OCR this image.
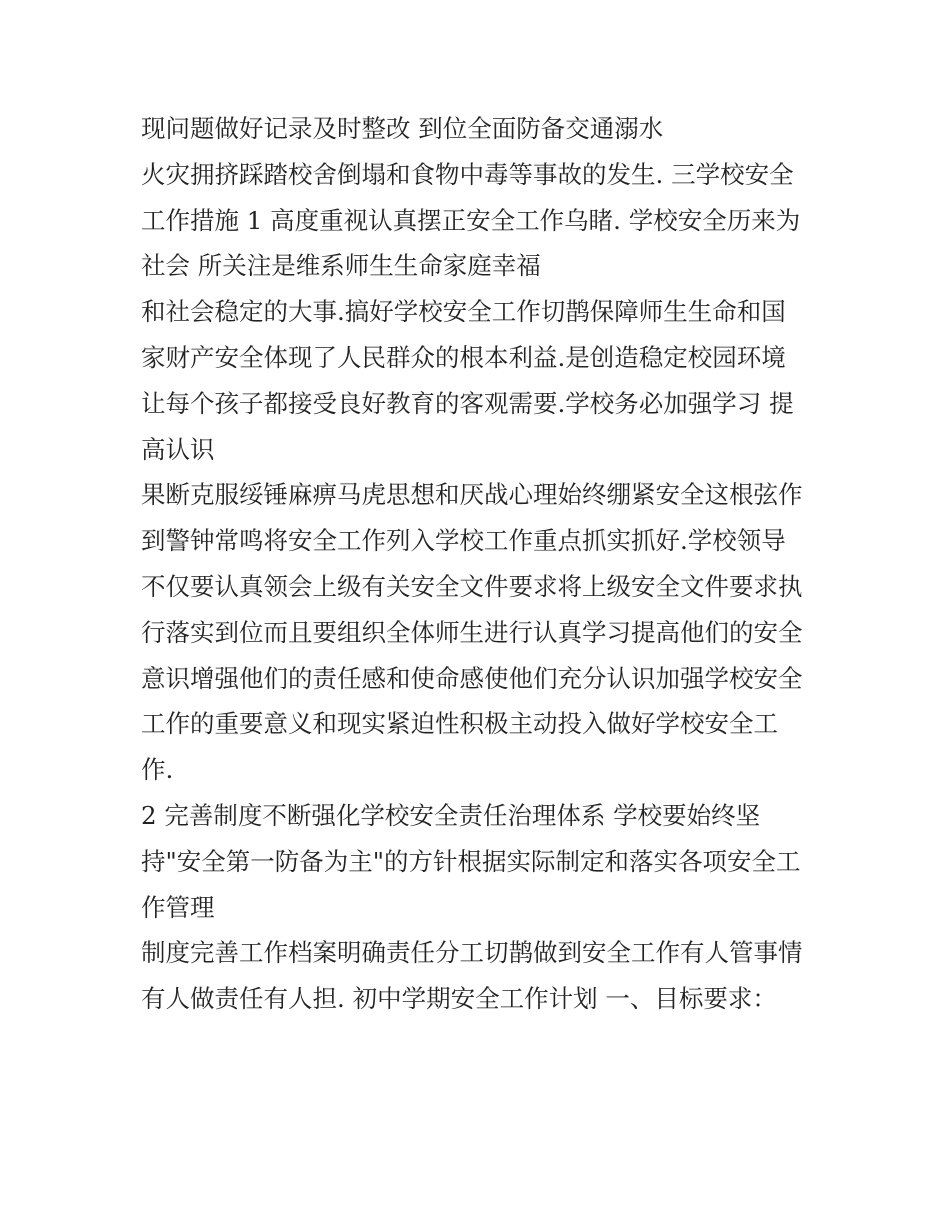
现问题做好记录及时整改 到位全面防备交通溺水
火灾拥挤踩踏校舍倒塌和食物中毒等事故的发生. 三学校安全
工作措施 1 高度重视认真摆正安全工作乌睹. 学校安全历来为
社会 所关注是维系师生生命家庭幸福
和社会稳定的大事.搞好学校安全工作切鹊保障师生生命和国
家财产安全体现了人民群众的根本利益.是创造稳定校园环境
让每个孩子都接受良好教育的客观需要.学校务必加强学习 提
高认识
果断克服绥锤麻痹马虎思想和厌战心理始终绷紧安全这根弦作
到警钟常鸣将安全工作列入学校工作重点抓实抓好.学校领导
不仅要认真领会上级有关安全文件要求将上级安全文件要求执
行落实到位而且要组织全体师生进行认真学习提高他们的安全
意识增强他们的责任感和使命感使他们充分认识加强学校安全
工作的重要意义和现实紧迫性积极主动投入做好学校安全工
作.
2 完善制度不断强化学校安全责任治理体系 学校要始终坚
持"安全第一防备为主"的方针根据实际制定和落实各项安全工
作管理
制度完善工作档案明确责任分工切鹊做到安全工作有人管事情
有人做责任有人担. 初中学期安全工作计划 一、目标要求：
